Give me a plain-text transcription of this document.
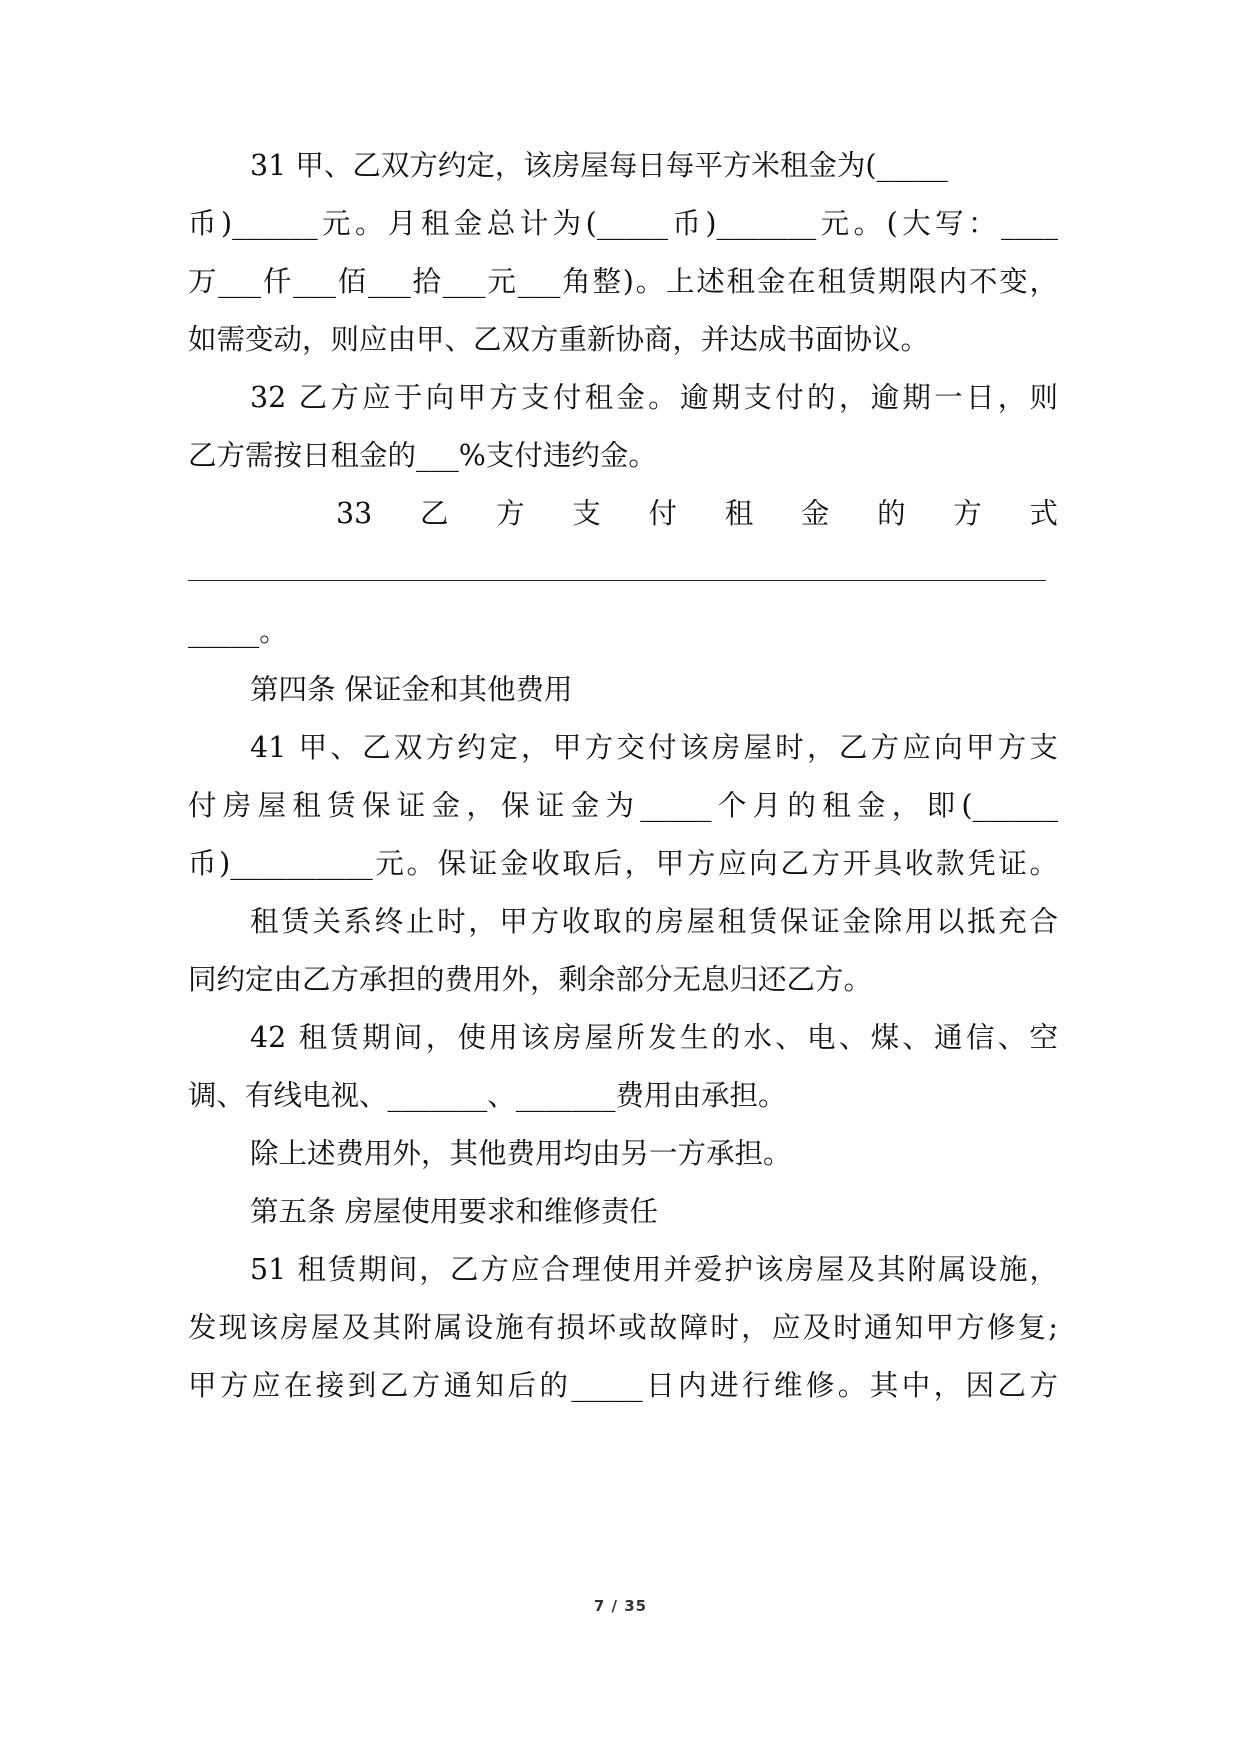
31 甲、乙双方约定，该房屋每日每平方米租金为(_____
币)______元。月租金总计为(_____币)_______元。(大写：____
万___仟___佰___拾___元___角整)。上述租金在租赁期限内不变，
如需变动，则应由甲、乙双方重新协商，并达成书面协议。
32 乙方应于向甲方支付租金。逾期支付的，逾期一日，则
乙方需按日租金的___%支付违约金。
33 乙 方 支 付 租 金 的 方 式
_____。
第四条 保证金和其他费用
41 甲、乙双方约定，甲方交付该房屋时，乙方应向甲方支
付房屋租赁保证金，保证金为_____个月的租金，即(______
币)__________元。保证金收取后，甲方应向乙方开具收款凭证。
租赁关系终止时，甲方收取的房屋租赁保证金除用以抵充合
同约定由乙方承担的费用外，剩余部分无息归还乙方。
42 租赁期间，使用该房屋所发生的水、电、煤、通信、空
调、有线电视、_______、_______费用由承担。
除上述费用外，其他费用均由另一方承担。
第五条 房屋使用要求和维修责任
51 租赁期间，乙方应合理使用并爱护该房屋及其附属设施，
发现该房屋及其附属设施有损坏或故障时，应及时通知甲方修复;
甲方应在接到乙方通知后的_____日内进行维修。其中，因乙方
7 / 35
